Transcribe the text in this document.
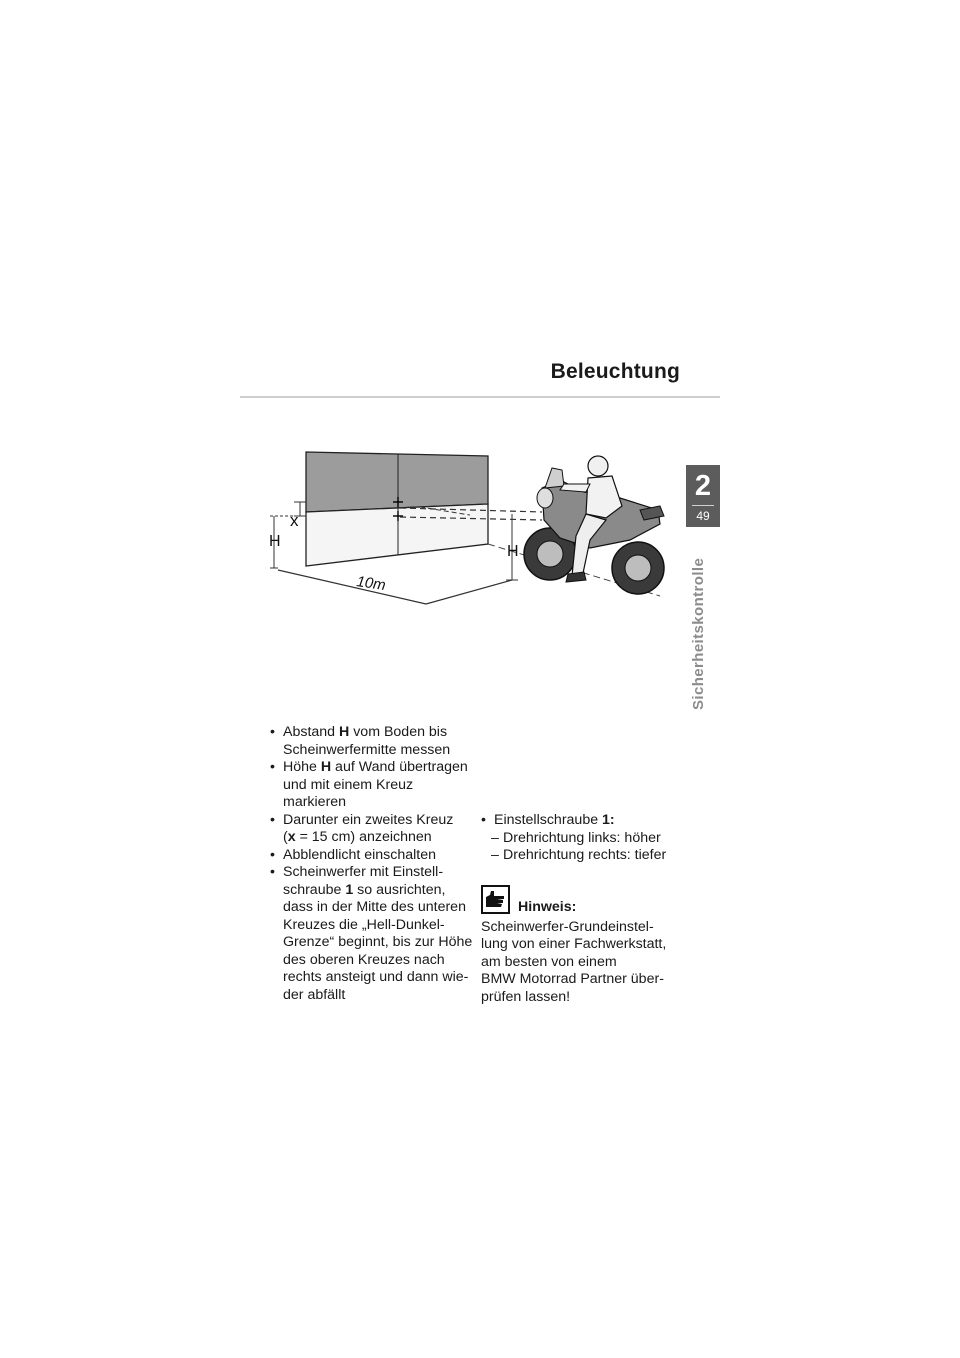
Beleuchtung
2
49
Sicherheitskontrolle
x
H
H
10m
• Abstand H vom Boden bis
Scheinwerfermitte messen
• Höhe H auf Wand übertragen
und mit einem Kreuz
markieren
• Darunter ein zweites Kreuz
(x = 15 cm) anzeichnen
• Abblendlicht einschalten
• Scheinwerfer mit Einstell-
schraube 1 so ausrichten,
dass in der Mitte des unteren
Kreuzes die „Hell-Dunkel-
Grenze“ beginnt, bis zur Höhe
des oberen Kreuzes nach
rechts ansteigt und dann wie-
der abfällt
• Einstellschraube 1:
– Drehrichtung links: höher
– Drehrichtung rechts: tiefer
Hinweis:
Scheinwerfer-Grundeinstel-
lung von einer Fachwerkstatt,
am besten von einem
BMW Motorrad Partner über-
prüfen lassen!
